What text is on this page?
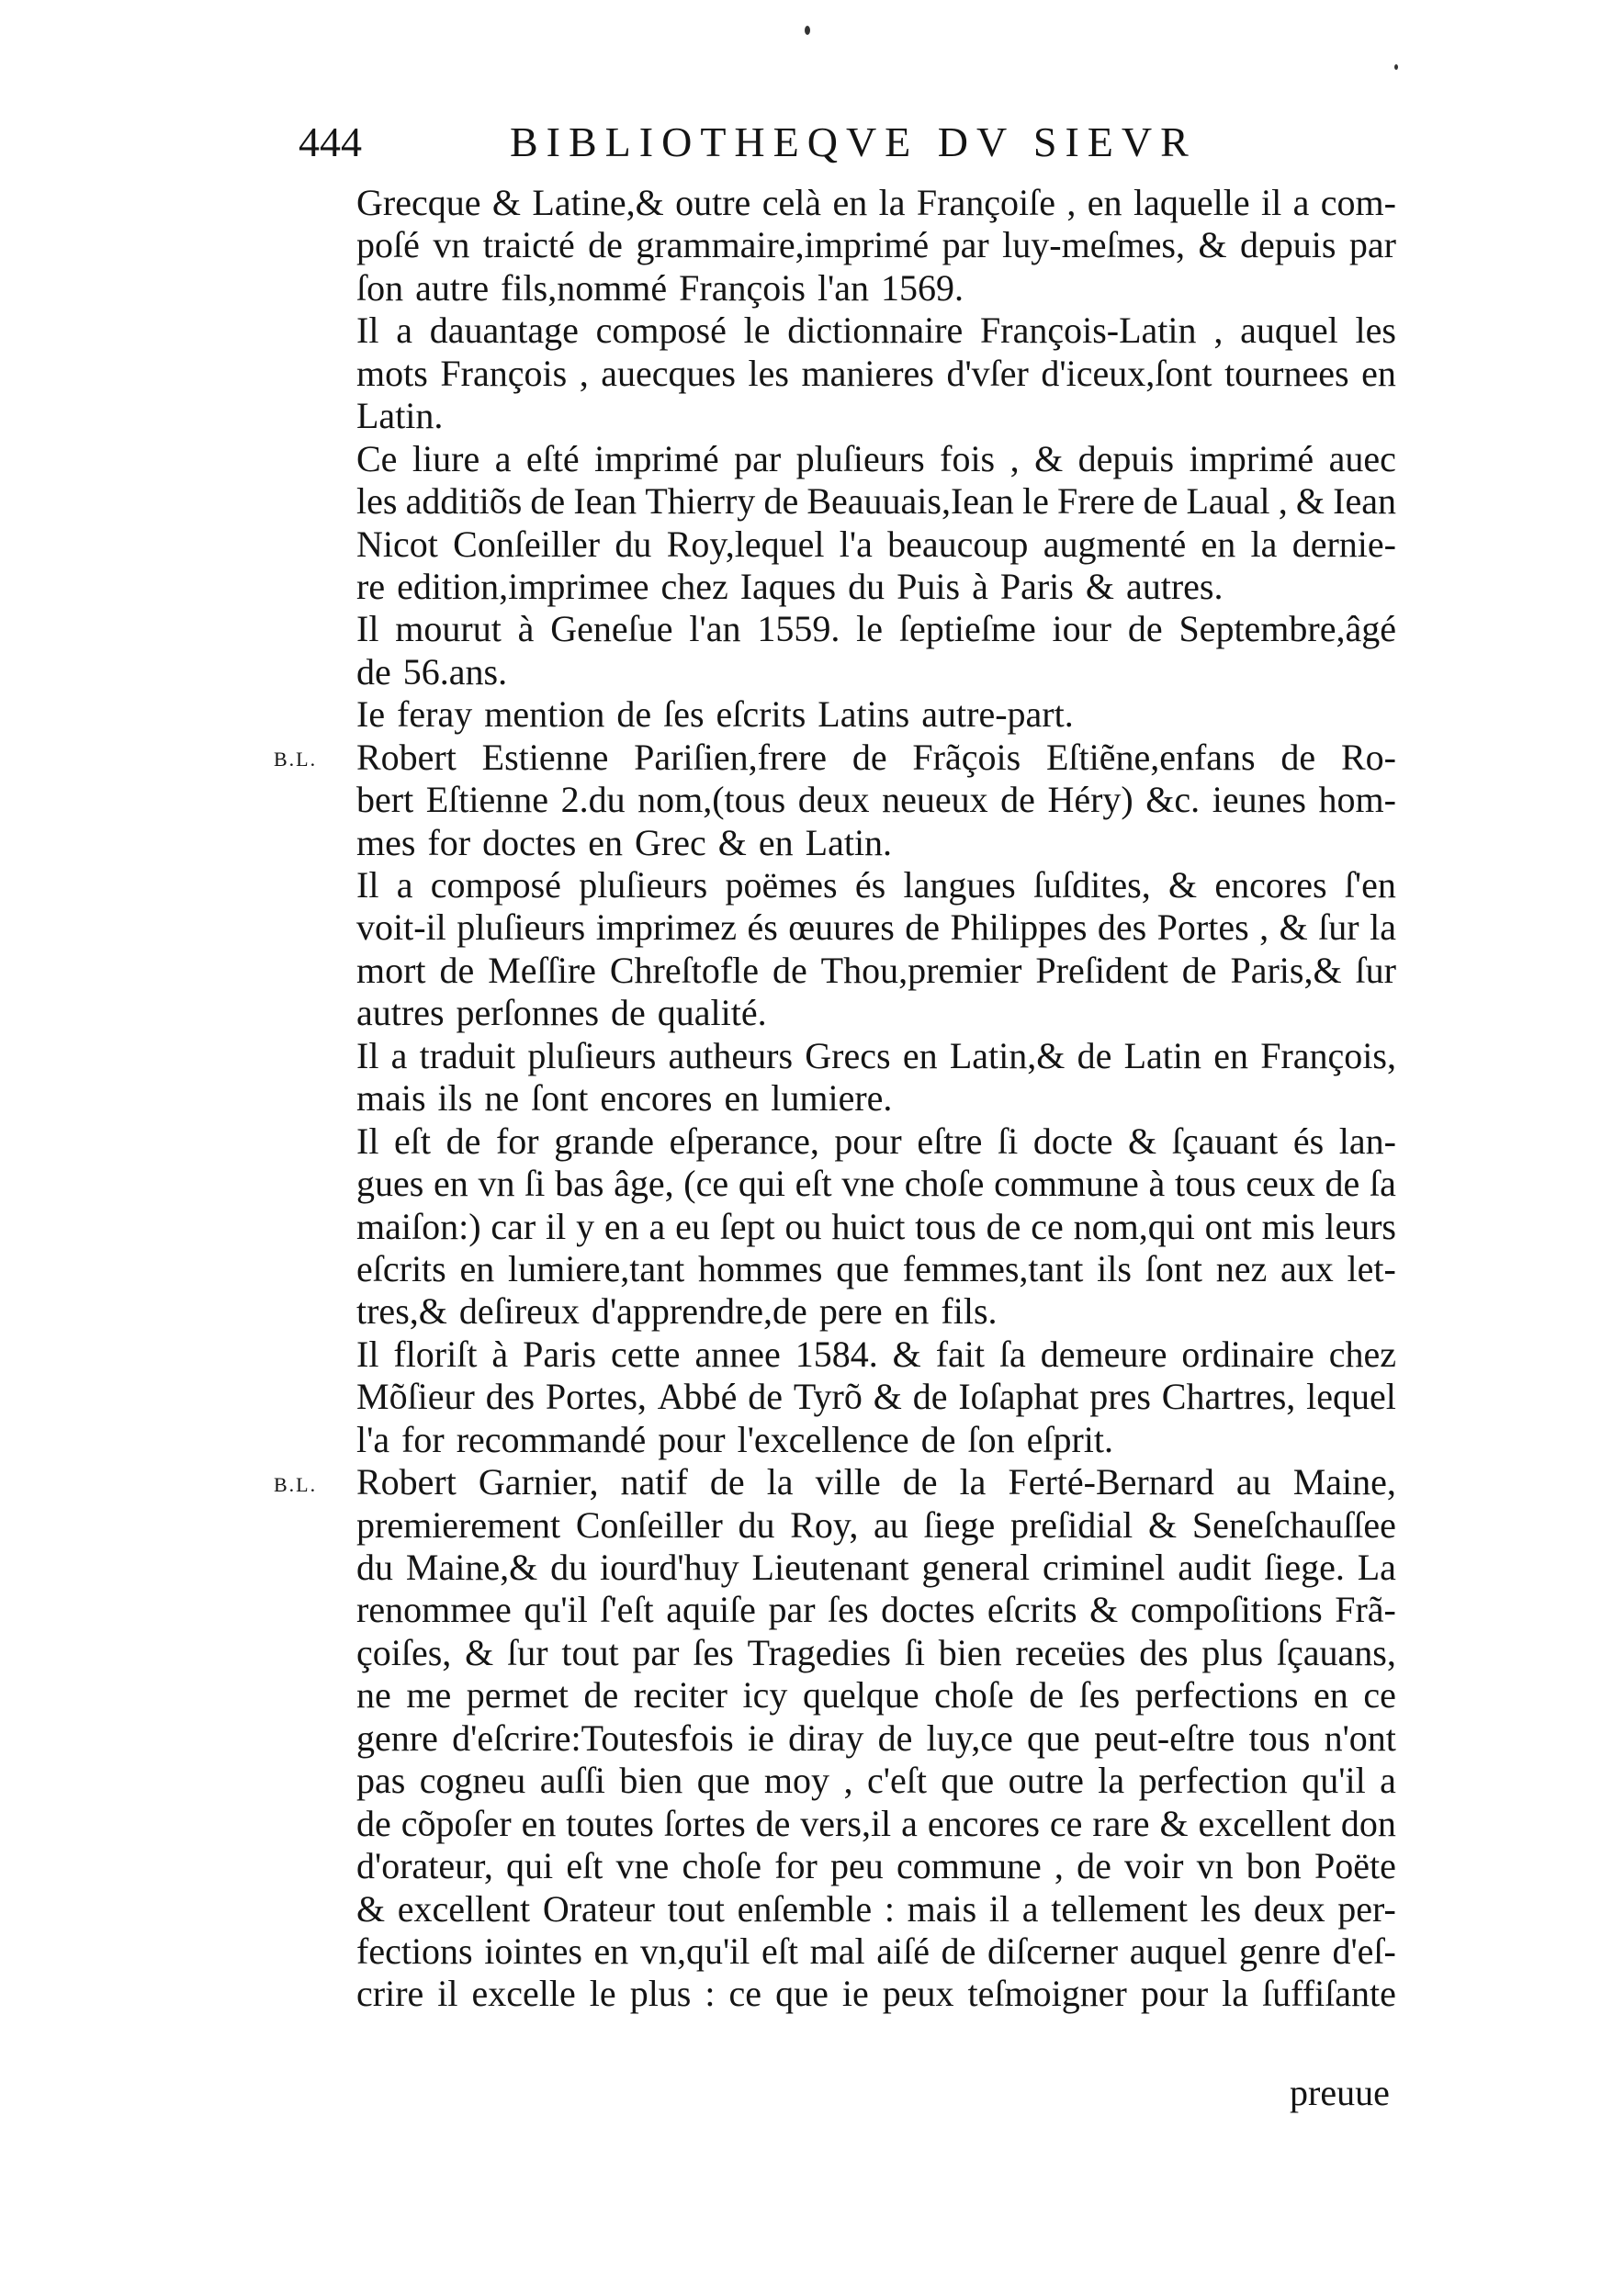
444	BIBLIOTHEQVE DV SIEVR
Grecque & Latine,& outre celà en la Françoiſe , en laquelle il a com-
poſé vn traicté de grammaire,imprimé par luy-meſmes, & depuis par
ſon autre fils,nommé François l'an 1569.
Il a dauantage composé le dictionnaire François-Latin , auquel les
mots François , auecques les manieres d'vſer d'iceux,ſont tournees en
Latin.
Ce liure a eſté imprimé par pluſieurs fois , & depuis imprimé auec
les additiõs de Iean Thierry de Beauuais,Iean le Frere de Laual , & Iean
Nicot Conſeiller du Roy,lequel l'a beaucoup augmenté en la dernie-
re edition,imprimee chez Iaques du Puis à Paris & autres.
Il mourut à Geneſue l'an 1559. le ſeptieſme iour de Septembre,âgé
de 56.ans.
Ie feray mention de ſes eſcrits Latins autre-part.
Robert Estienne Pariſien,frere de Frãçois Eſtiẽne,enfans de Ro-
bert Eſtienne 2.du nom,(tous deux neueux de Héry) &c. ieunes hom-
mes for doctes en Grec & en Latin.
Il a composé pluſieurs poëmes és langues ſuſdites, & encores ſ'en
voit-il pluſieurs imprimez és œuures de Philippes des Portes , & ſur la
mort de Meſſire Chreſtofle de Thou,premier Preſident de Paris,& ſur
autres perſonnes de qualité.
Il a traduit pluſieurs autheurs Grecs en Latin,& de Latin en François,
mais ils ne ſont encores en lumiere.
Il eſt de for grande eſperance, pour eſtre ſi docte & ſçauant és lan-
gues en vn ſi bas âge, (ce qui eſt vne choſe commune à tous ceux de ſa
maiſon:) car il y en a eu ſept ou huict tous de ce nom,qui ont mis leurs
eſcrits en lumiere,tant hommes que femmes,tant ils ſont nez aux let-
tres,& deſireux d'apprendre,de pere en fils.
Il floriſt à Paris cette annee 1584. & fait ſa demeure ordinaire chez
Mõſieur des Portes, Abbé de Tyrõ & de Ioſaphat pres Chartres, lequel
l'a for recommandé pour l'excellence de ſon eſprit.
Robert Garnier, natif de la ville de la Ferté-Bernard au Maine,
premierement Conſeiller du Roy, au ſiege preſidial & Seneſchauſſee
du Maine,& du iourd'huy Lieutenant general criminel audit ſiege. La
renommee qu'il ſ'eſt aquiſe par ſes doctes eſcrits & compoſitions Frã-
çoiſes, & ſur tout par ſes Tragedies ſi bien receües des plus ſçauans,
ne me permet de reciter icy quelque choſe de ſes perfections en ce
genre d'eſcrire:Toutesfois ie diray de luy,ce que peut-eſtre tous n'ont
pas cogneu auſſi bien que moy , c'eſt que outre la perfection qu'il a
de cõpoſer en toutes ſortes de vers,il a encores ce rare & excellent don
d'orateur, qui eſt vne choſe for peu commune , de voir vn bon Poëte
& excellent Orateur tout enſemble : mais il a tellement les deux per-
fections iointes en vn,qu'il eſt mal aiſé de diſcerner auquel genre d'eſ-
crire il excelle le plus : ce que ie peux teſmoigner pour la ſuffiſante
preuue
B.L.
B.L.
